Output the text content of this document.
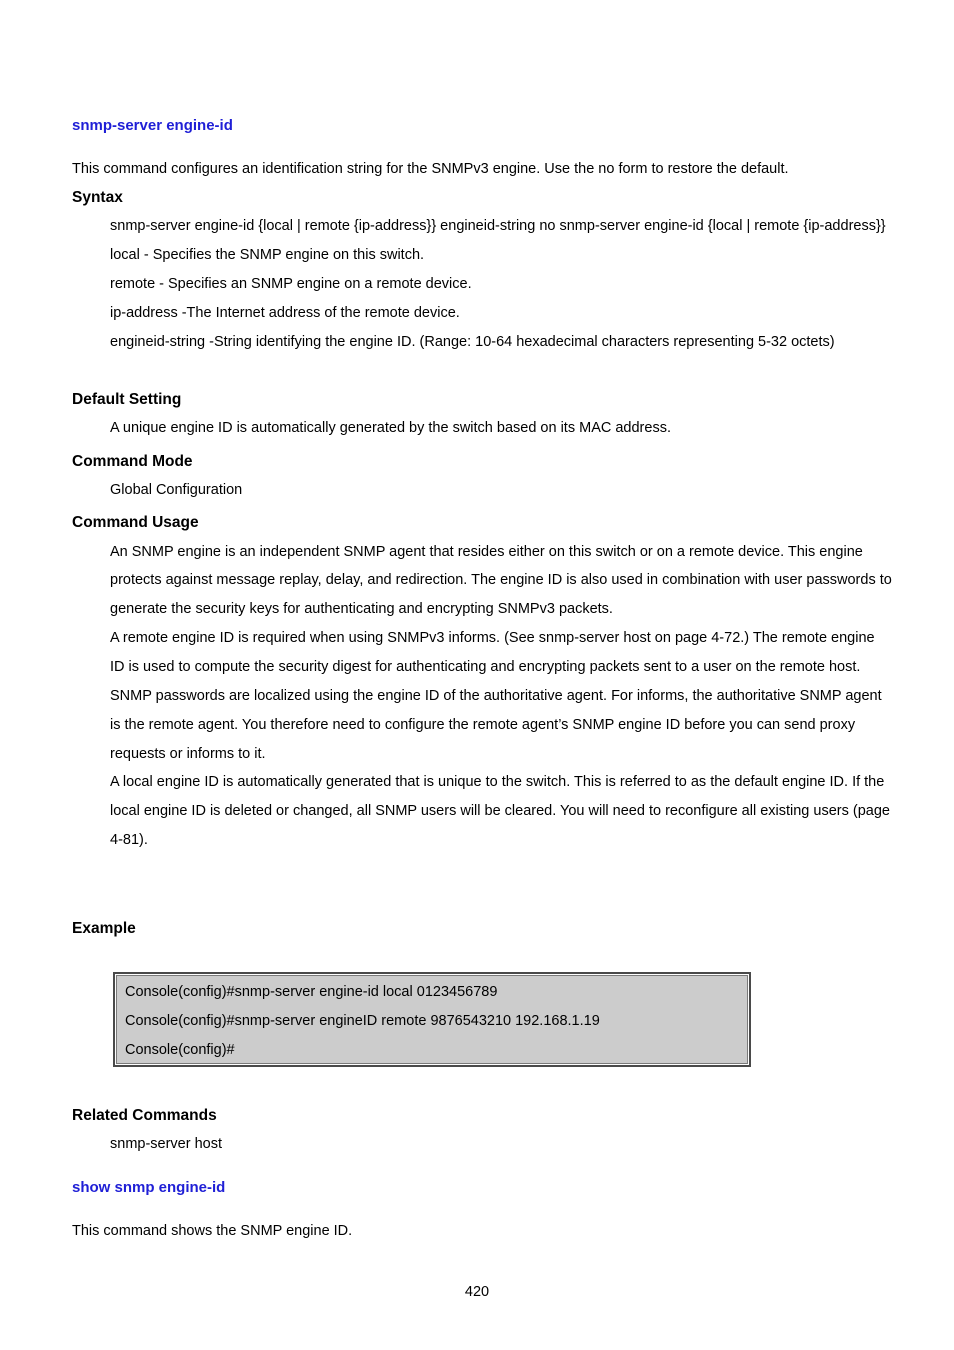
snmp-server engine-id
This command configures an identification string for the SNMPv3 engine. Use the no form to restore the default.
Syntax
snmp-server engine-id {local | remote {ip-address}} engineid-string no snmp-server engine-id {local | remote {ip-address}}
local - Specifies the SNMP engine on this switch.
remote - Specifies an SNMP engine on a remote device.
ip-address -The Internet address of the remote device.
engineid-string -String identifying the engine ID. (Range: 10-64 hexadecimal characters representing 5-32 octets)
Default Setting
A unique engine ID is automatically generated by the switch based on its MAC address.
Command Mode
Global Configuration
Command Usage
An SNMP engine is an independent SNMP agent that resides either on this switch or on a remote device. This engine
protects against message replay, delay, and redirection. The engine ID is also used in combination with user passwords to
generate the security keys for authenticating and encrypting SNMPv3 packets.
A remote engine ID is required when using SNMPv3 informs. (See snmp-server host on page 4-72.) The remote engine
ID is used to compute the security digest for authenticating and encrypting packets sent to a user on the remote host.
SNMP passwords are localized using the engine ID of the authoritative agent. For informs, the authoritative SNMP agent
is the remote agent. You therefore need to configure the remote agent’s SNMP engine ID before you can send proxy
requests or informs to it.
A local engine ID is automatically generated that is unique to the switch. This is referred to as the default engine ID. If the
local engine ID is deleted or changed, all SNMP users will be cleared. You will need to reconfigure all existing users (page
4-81).
Example
Console(config)#snmp-server engine-id local 0123456789
Console(config)#snmp-server engineID remote 9876543210 192.168.1.19
Console(config)#
Related Commands
snmp-server host
show snmp engine-id
This command shows the SNMP engine ID.
420
